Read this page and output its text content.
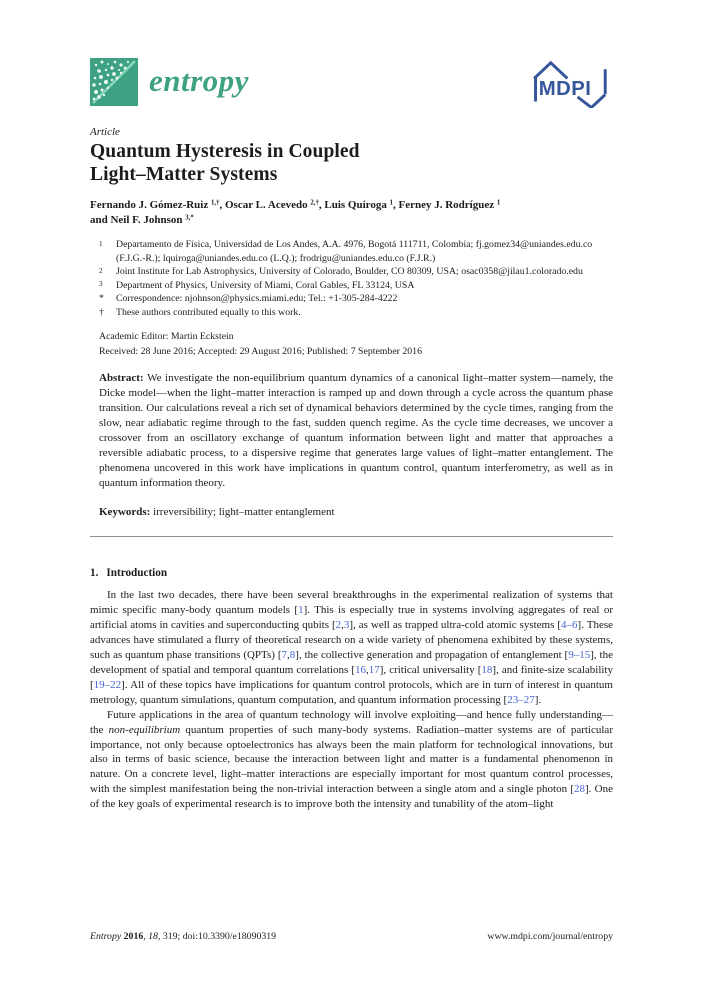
entropy	MDPI
Article
Quantum Hysteresis in Coupled
Light–Matter Systems
Fernando J. Gómez-Ruiz $^{1,\dagger}$, Oscar L. Acevedo $^{2,\dagger}$, Luis Quiroga $^1$, Ferney J. Rodríguez $^1$
and Neil F. Johnson $^{3,*}$
1	Departamento de Física, Universidad de Los Andes, A.A. 4976, Bogotá 111711, Colombia; fj.gomez34@uniandes.edu.co (F.J.G.-R.); lquiroga@uniandes.edu.co (L.Q.); frodrigu@uniandes.edu.co (F.J.R.)
2	Joint Institute for Lab Astrophysics, University of Colorado, Boulder, CO 80309, USA; osac0358@jilau1.colorado.edu
3	Department of Physics, University of Miami, Coral Gables, FL 33124, USA
*	Correspondence: njohnson@physics.miami.edu; Tel.: +1-305-284-4222
†	These authors contributed equally to this work.
Academic Editor: Martin Eckstein
Received: 28 June 2016; Accepted: 29 August 2016; Published: 7 September 2016
Abstract: We investigate the non-equilibrium quantum dynamics of a canonical light–matter system—namely, the Dicke model—when the light–matter interaction is ramped up and down through a cycle across the quantum phase transition. Our calculations reveal a rich set of dynamical behaviors determined by the cycle times, ranging from the slow, near adiabatic regime through to the fast, sudden quench regime. As the cycle time decreases, we uncover a crossover from an oscillatory exchange of quantum information between light and matter that approaches a reversible adiabatic process, to a dispersive regime that generates large values of light–matter entanglement. The phenomena uncovered in this work have implications in quantum control, quantum interferometry, as well as in quantum information theory.
Keywords: irreversibility; light–matter entanglement
1. Introduction

In the last two decades, there have been several breakthroughs in the experimental realization of systems that mimic specific many-body quantum models [1]. This is especially true in systems involving aggregates of real or artificial atoms in cavities and superconducting qubits [2,3], as well as trapped ultra-cold atomic systems [4–6]. These advances have stimulated a flurry of theoretical research on a wide variety of phenomena exhibited by these systems, such as quantum phase transitions (QPTs) [7,8], the collective generation and propagation of entanglement [9–15], the development of spatial and temporal quantum correlations [16,17], critical universality [18], and finite-size scalability [19–22]. All of these topics have implications for quantum control protocols, which are in turn of interest in quantum metrology, quantum simulations, quantum computation, and quantum information processing [23–27].

Future applications in the area of quantum technology will involve exploiting—and hence fully understanding—the non-equilibrium quantum properties of such many-body systems. Radiation–matter systems are of particular importance, not only because optoelectronics has always been the main platform for technological innovations, but also in terms of basic science, because the interaction between light and matter is a fundamental phenomenon in nature. On a concrete level, light–matter interactions are especially important for most quantum control processes, with the simplest manifestation being the non-trivial interaction between a single atom and a single photon [28]. One of the key goals of experimental research is to improve both the intensity and tunability of the atom–light

Entropy 2016, 18, 319; doi:10.3390/e18090319	www.mdpi.com/journal/entropy
